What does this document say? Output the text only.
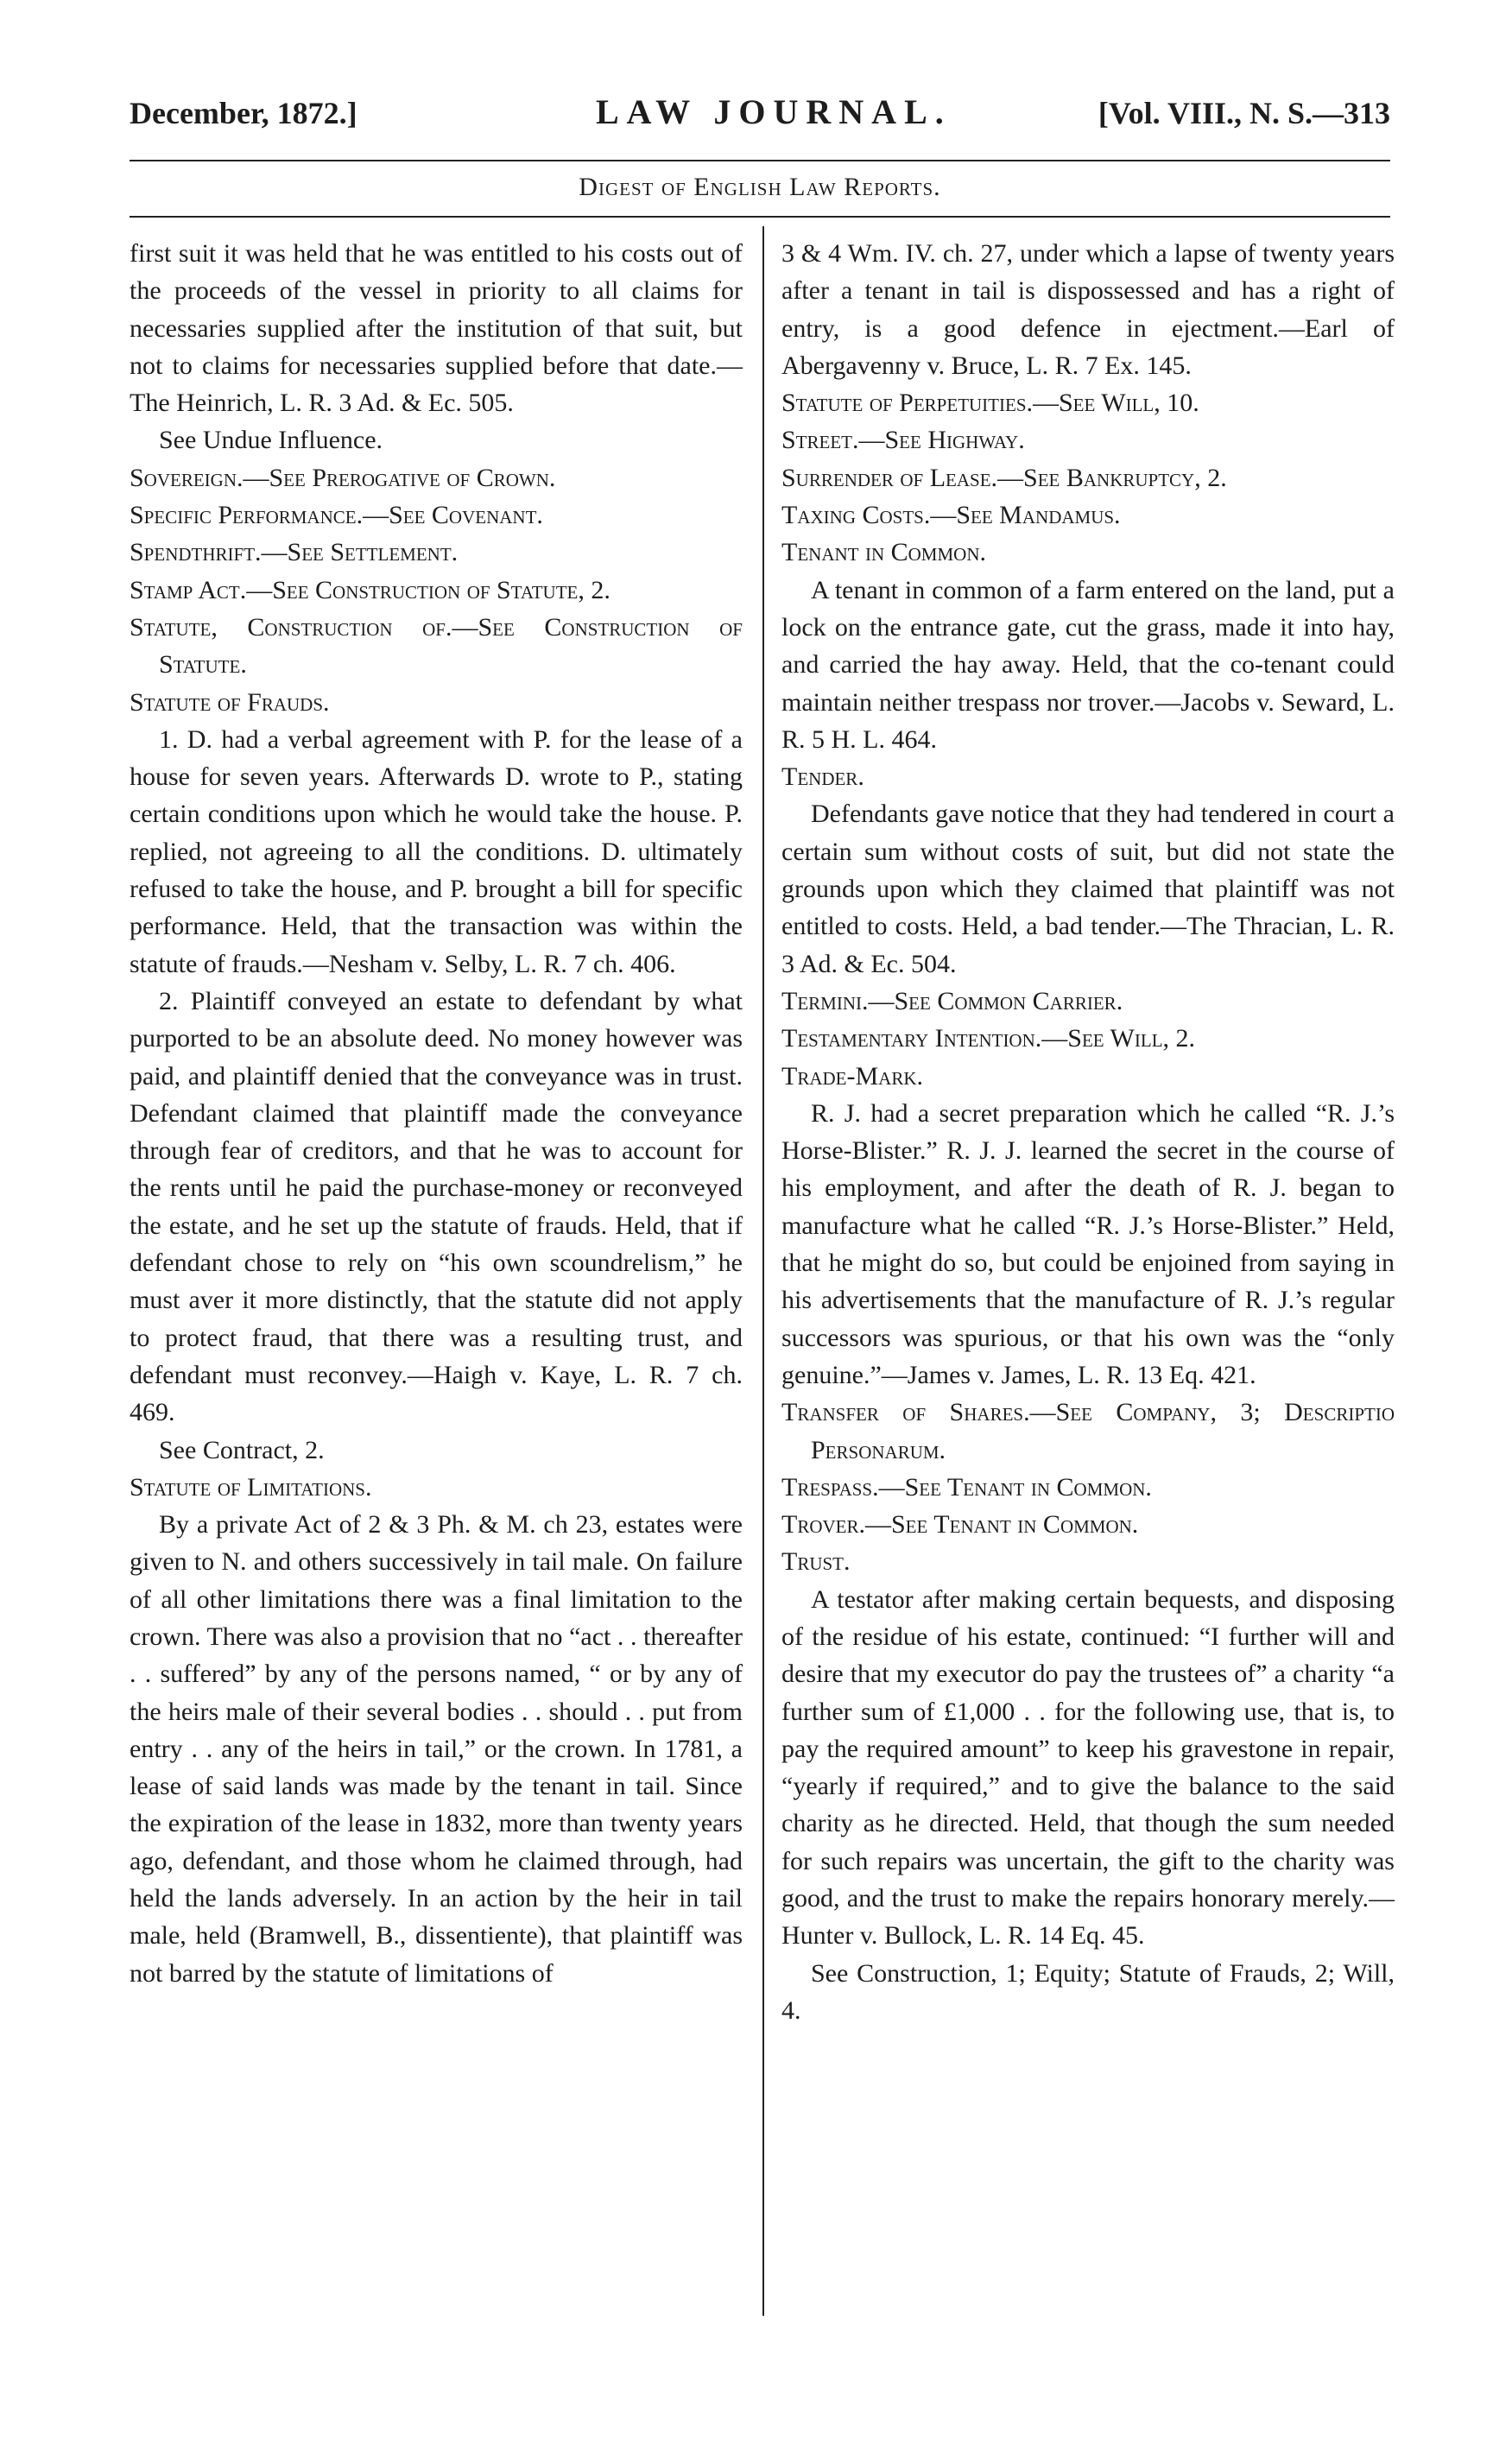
December, 1872.]	LAW JOURNAL.	[Vol. VIII., N. S.—313
Digest of English Law Reports.

first suit it was held that he was entitled to his costs out of the proceeds of the vessel in priority to all claims for necessaries supplied after the institution of that suit, but not to claims for necessaries supplied before that date.—The Heinrich, L. R. 3 Ad. & Ec. 505.

See Undue Influence.

Sovereign.—See Prerogative of Crown.

Specific Performance.—See Covenant.

Spendthrift.—See Settlement.

Stamp Act.—See Construction of Statute, 2.

Statute, Construction of.—See Construction of Statute.

Statute of Frauds.

1. D. had a verbal agreement with P. for the lease of a house for seven years. Afterwards D. wrote to P., stating certain conditions upon which he would take the house. P. replied, not agreeing to all the conditions. D. ultimately refused to take the house, and P. brought a bill for specific performance. Held, that the transaction was within the statute of frauds.—Nesham v. Selby, L. R. 7 ch. 406.

2. Plaintiff conveyed an estate to defendant by what purported to be an absolute deed. No money however was paid, and plaintiff denied that the conveyance was in trust. Defendant claimed that plaintiff made the conveyance through fear of creditors, and that he was to account for the rents until he paid the purchase-money or reconveyed the estate, and he set up the statute of frauds. Held, that if defendant chose to rely on “his own scoundrelism,” he must aver it more distinctly, that the statute did not apply to protect fraud, that there was a resulting trust, and defendant must reconvey.—Haigh v. Kaye, L. R. 7 ch. 469.

See Contract, 2.

Statute of Limitations.

By a private Act of 2 & 3 Ph. & M. ch 23, estates were given to N. and others successively in tail male. On failure of all other limitations there was a final limitation to the crown. There was also a provision that no “act . . thereafter . . suffered” by any of the persons named, “ or by any of the heirs male of their several bodies . . should . . put from entry . . any of the heirs in tail,” or the crown. In 1781, a lease of said lands was made by the tenant in tail. Since the expiration of the lease in 1832, more than twenty years ago, defendant, and those whom he claimed through, had held the lands adversely. In an action by the heir in tail male, held (Bramwell, B., dissentiente), that plaintiff was not barred by the statute of limitations of

3 & 4 Wm. IV. ch. 27, under which a lapse of twenty years after a tenant in tail is dispossessed and has a right of entry, is a good defence in ejectment.—Earl of Abergavenny v. Bruce, L. R. 7 Ex. 145.

Statute of Perpetuities.—See Will, 10.

Street.—See Highway.

Surrender of Lease.—See Bankruptcy, 2.

Taxing Costs.—See Mandamus.

Tenant in Common.

A tenant in common of a farm entered on the land, put a lock on the entrance gate, cut the grass, made it into hay, and carried the hay away. Held, that the co-tenant could maintain neither trespass nor trover.—Jacobs v. Seward, L. R. 5 H. L. 464.

Tender.

Defendants gave notice that they had tendered in court a certain sum without costs of suit, but did not state the grounds upon which they claimed that plaintiff was not entitled to costs. Held, a bad tender.—The Thracian, L. R. 3 Ad. & Ec. 504.

Termini.—See Common Carrier.

Testamentary Intention.—See Will, 2.

Trade-Mark.

R. J. had a secret preparation which he called “R. J.’s Horse-Blister.” R. J. J. learned the secret in the course of his employment, and after the death of R. J. began to manufacture what he called “R. J.’s Horse-Blister.” Held, that he might do so, but could be enjoined from saying in his advertisements that the manufacture of R. J.’s regular successors was spurious, or that his own was the “only genuine.”—James v. James, L. R. 13 Eq. 421.

Transfer of Shares.—See Company, 3; Descriptio Personarum.

Trespass.—See Tenant in Common.

Trover.—See Tenant in Common.

Trust.

A testator after making certain bequests, and disposing of the residue of his estate, continued: “I further will and desire that my executor do pay the trustees of” a charity “a further sum of £1,000 . . for the following use, that is, to pay the required amount” to keep his gravestone in repair, “yearly if required,” and to give the balance to the said charity as he directed. Held, that though the sum needed for such repairs was uncertain, the gift to the charity was good, and the trust to make the repairs honorary merely.—Hunter v. Bullock, L. R. 14 Eq. 45.

See Construction, 1; Equity; Statute of Frauds, 2; Will, 4.
